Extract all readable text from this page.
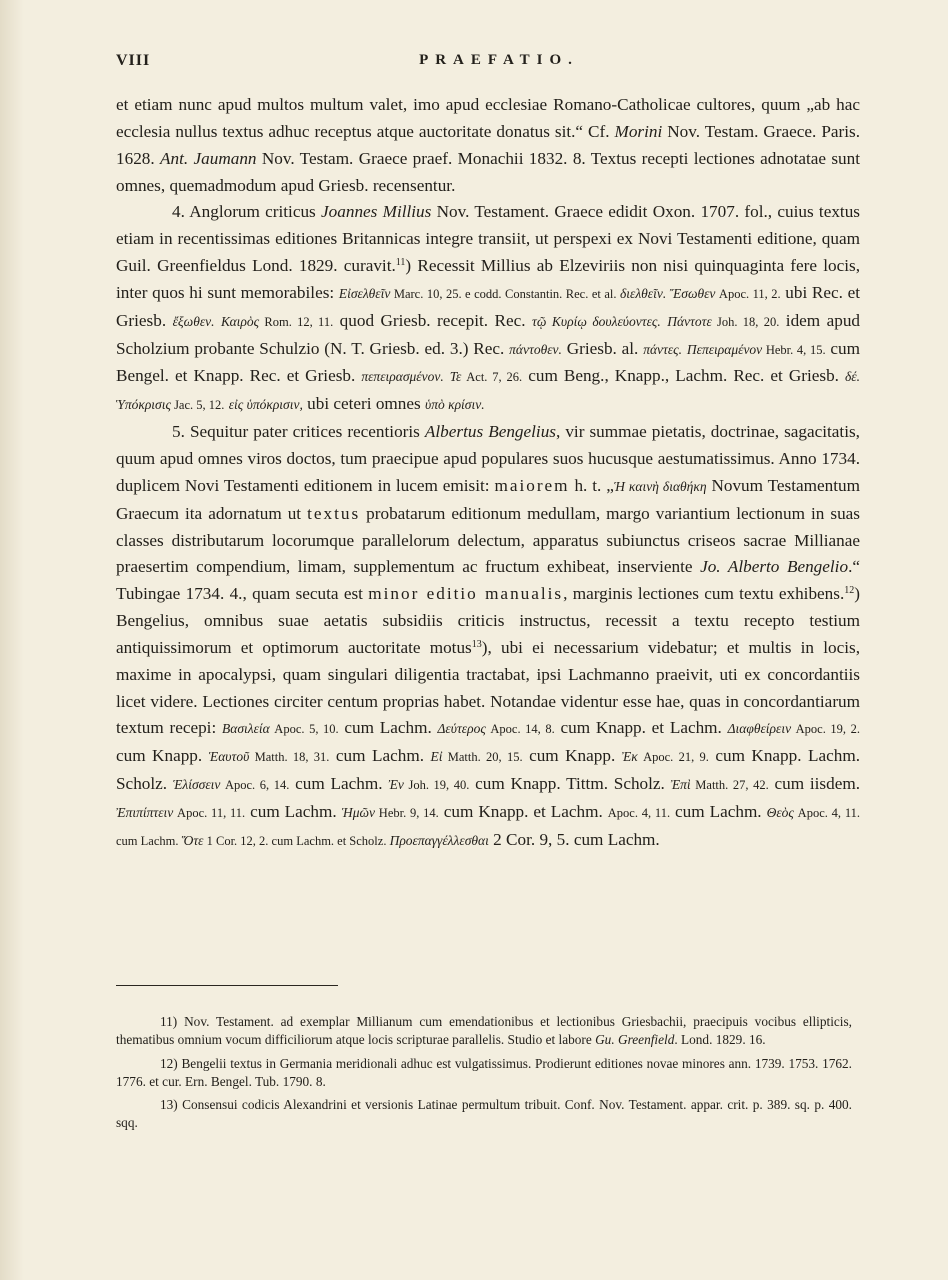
VIII	PRAEFATIO.

et etiam nunc apud multos multum valet, imo apud ecclesiae Romano-Catholicae cultores, quum „ab hac ecclesia nullus textus adhuc receptus atque auctoritate donatus sit.“ Cf. Morini Nov. Testam. Graece. Paris. 1628. Ant. Jaumann Nov. Testam. Graece praef. Monachii 1832. 8. Textus recepti lectiones adnotatae sunt omnes, quemadmodum apud Griesb. recensentur.

4. Anglorum criticus Joannes Millius Nov. Testament. Graece edidit Oxon. 1707. fol., cuius textus etiam in recentissimas editiones Britannicas integre transiit, ut perspexi ex Novi Testamenti editione, quam Guil. Greenfieldus Lond. 1829. curavit.$^{11}$) Recessit Millius ab Elzeviriis non nisi quinquaginta fere locis, inter quos hi sunt memorabiles: Εἰσελθεῖν Marc. 10, 25. e codd. Constantin. Rec. et al. διελθεῖν. Ἔσωθεν Apoc. 11, 2. ubi Rec. et Griesb. ἔξωθεν. Καιρὸς Rom. 12, 11. quod Griesb. recepit. Rec. τῷ Κυρίῳ δουλεύοντες. Πάντοτε Joh. 18, 20. idem apud Scholzium probante Schulzio (N. T. Griesb. ed. 3.) Rec. πάντοθεν. Griesb. al. πάντες. Πεπειραμένον Hebr. 4, 15. cum Bengel. et Knapp. Rec. et Griesb. πεπειρασμένον. Τε Act. 7, 26. cum Beng., Knapp., Lachm. Rec. et Griesb. δέ. Ὑπόκρισις Jac. 5, 12. εἰς ὑπόκρισιν, ubi ceteri omnes ὑπὸ κρίσιν.

5. Sequitur pater critices recentioris Albertus Bengelius, vir summae pietatis, doctrinae, sagacitatis, quum apud omnes viros doctos, tum praecipue apud populares suos hucusque aestumatissimus. Anno 1734. duplicem Novi Testamenti editionem in lucem emisit: maiorem h. t. „Ἡ καινὴ διαθήκη Novum Testamentum Graecum ita adornatum ut textus probatarum editionum medullam, margo variantium lectionum in suas classes distributarum locorumque parallelorum delectum, apparatus subiunctus criseos sacrae Millianae praesertim compendium, limam, supplementum ac fructum exhibeat, inserviente Jo. Alberto Bengelio.“ Tubingae 1734. 4., quam secuta est minor editio manualis, marginis lectiones cum textu exhibens.$^{12}$) Bengelius, omnibus suae aetatis subsidiis criticis instructus, recessit a textu recepto testium antiquissimorum et optimorum auctoritate motus$^{13}$), ubi ei necessarium videbatur; et multis in locis, maxime in apocalypsi, quam singulari diligentia tractabat, ipsi Lachmanno praeivit, uti ex concordantiis licet videre. Lectiones circiter centum proprias habet. Notandae videntur esse hae, quas in concordantiarum textum recepi: Βασιλεία Apoc. 5, 10. cum Lachm. Δεύτερος Apoc. 14, 8. cum Knapp. et Lachm. Διαφθείρειν Apoc. 19, 2. cum Knapp. Ἑαυτοῦ Matth. 18, 31. cum Lachm. Εἰ Matth. 20, 15. cum Knapp. Ἐκ Apoc. 21, 9. cum Knapp. Lachm. Scholz. Ἑλίσσειν Apoc. 6, 14. cum Lachm. Ἐν Joh. 19, 40. cum Knapp. Tittm. Scholz. Ἐπὶ Matth. 27, 42. cum iisdem. Ἐπιπίπτειν Apoc. 11, 11. cum Lachm. Ἡμῶν Hebr. 9, 14. cum Knapp. et Lachm. Apoc. 4, 11. cum Lachm. Θεὸς Apoc. 4, 11. cum Lachm. Ὅτε 1 Cor. 12, 2. cum Lachm. et Scholz. Προεπαγγέλλεσθαι 2 Cor. 9, 5. cum Lachm.

11) Nov. Testament. ad exemplar Millianum cum emendationibus et lectionibus Griesbachii, praecipuis vocibus ellipticis, thematibus omnium vocum difficiliorum atque locis scripturae parallelis. Studio et labore Gu. Greenfield. Lond. 1829. 16.

12) Bengelii textus in Germania meridionali adhuc est vulgatissimus. Prodierunt editiones novae minores ann. 1739. 1753. 1762. 1776. et cur. Ern. Bengel. Tub. 1790. 8.

13) Consensui codicis Alexandrini et versionis Latinae permultum tribuit. Conf. Nov. Testament. appar. crit. p. 389. sq. p. 400. sqq.
